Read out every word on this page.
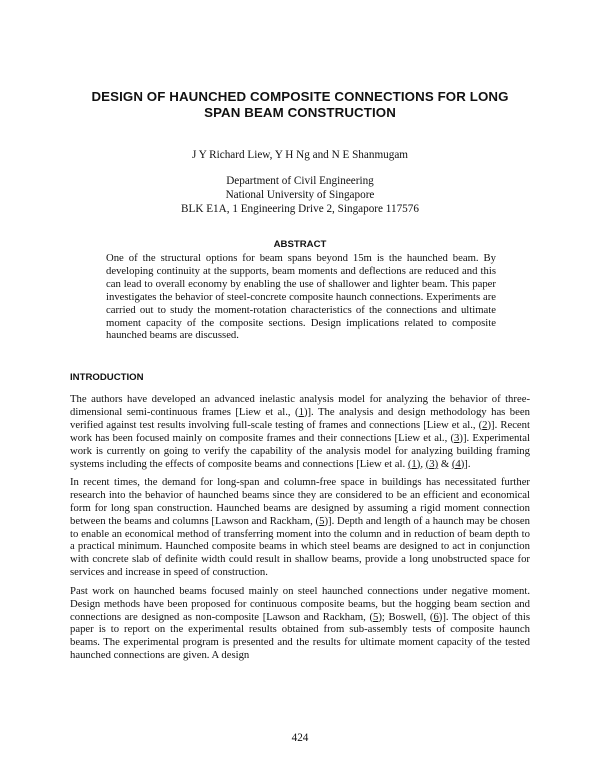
DESIGN OF HAUNCHED COMPOSITE CONNECTIONS FOR LONG
SPAN BEAM CONSTRUCTION
J Y Richard Liew, Y H Ng and N E Shanmugam
Department of Civil Engineering
National University of Singapore
BLK E1A, 1 Engineering Drive 2, Singapore 117576
ABSTRACT
One of the structural options for beam spans beyond 15m is the haunched beam. By developing continuity at the supports, beam moments and deflections are reduced and this can lead to overall economy by enabling the use of shallower and lighter beam. This paper investigates the behavior of steel-concrete composite haunch connections. Experiments are carried out to study the moment-rotation characteristics of the connections and ultimate moment capacity of the composite sections. Design implications related to composite haunched beams are discussed.
INTRODUCTION

The authors have developed an advanced inelastic analysis model for analyzing the behavior of three-dimensional semi-continuous frames [Liew et al., (1)]. The analysis and design methodology has been verified against test results involving full-scale testing of frames and connections [Liew et al., (2)]. Recent work has been focused mainly on composite frames and their connections [Liew et al., (3)]. Experimental work is currently on going to verify the capability of the analysis model for analyzing building framing systems including the effects of composite beams and connections [Liew et al. (1), (3) & (4)].

In recent times, the demand for long-span and column-free space in buildings has necessitated further research into the behavior of haunched beams since they are considered to be an efficient and economical form for long span construction. Haunched beams are designed by assuming a rigid moment connection between the beams and columns [Lawson and Rackham, (5)]. Depth and length of a haunch may be chosen to enable an economical method of transferring moment into the column and in reduction of beam depth to a practical minimum. Haunched composite beams in which steel beams are designed to act in conjunction with concrete slab of definite width could result in shallow beams, provide a long unobstructed space for services and increase in speed of construction.

Past work on haunched beams focused mainly on steel haunched connections under negative moment. Design methods have been proposed for continuous composite beams, but the hogging beam section and connections are designed as non-composite [Lawson and Rackham, (5); Boswell, (6)]. The object of this paper is to report on the experimental results obtained from sub-assembly tests of composite haunch beams. The experimental program is presented and the results for ultimate moment capacity of the tested haunched connections are given. A design

424
